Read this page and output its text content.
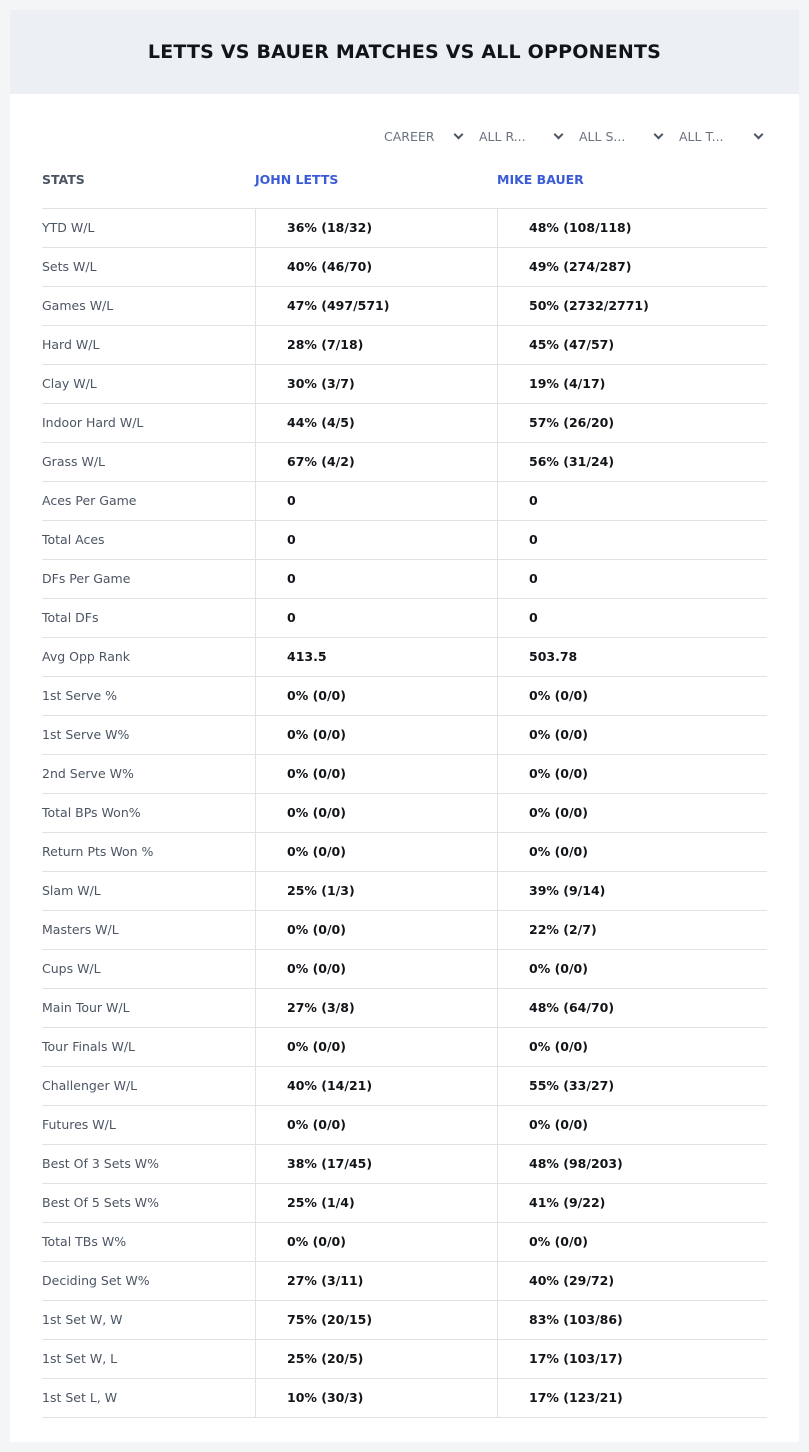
LETTS VS BAUER MATCHES VS ALL OPPONENTS
CAREER	ALL R...	ALL S...	ALL T...
STATS	JOHN LETTS	MIKE BAUER
YTD W/L	36% (18/32)	48% (108/118)
Sets W/L	40% (46/70)	49% (274/287)
Games W/L	47% (497/571)	50% (2732/2771)
Hard W/L	28% (7/18)	45% (47/57)
Clay W/L	30% (3/7)	19% (4/17)
Indoor Hard W/L	44% (4/5)	57% (26/20)
Grass W/L	67% (4/2)	56% (31/24)
Aces Per Game	0	0
Total Aces	0	0
DFs Per Game	0	0
Total DFs	0	0
Avg Opp Rank	413.5	503.78
1st Serve %	0% (0/0)	0% (0/0)
1st Serve W%	0% (0/0)	0% (0/0)
2nd Serve W%	0% (0/0)	0% (0/0)
Total BPs Won%	0% (0/0)	0% (0/0)
Return Pts Won %	0% (0/0)	0% (0/0)
Slam W/L	25% (1/3)	39% (9/14)
Masters W/L	0% (0/0)	22% (2/7)
Cups W/L	0% (0/0)	0% (0/0)
Main Tour W/L	27% (3/8)	48% (64/70)
Tour Finals W/L	0% (0/0)	0% (0/0)
Challenger W/L	40% (14/21)	55% (33/27)
Futures W/L	0% (0/0)	0% (0/0)
Best Of 3 Sets W%	38% (17/45)	48% (98/203)
Best Of 5 Sets W%	25% (1/4)	41% (9/22)
Total TBs W%	0% (0/0)	0% (0/0)
Deciding Set W%	27% (3/11)	40% (29/72)
1st Set W, W	75% (20/15)	83% (103/86)
1st Set W, L	25% (20/5)	17% (103/17)
1st Set L, W	10% (30/3)	17% (123/21)
